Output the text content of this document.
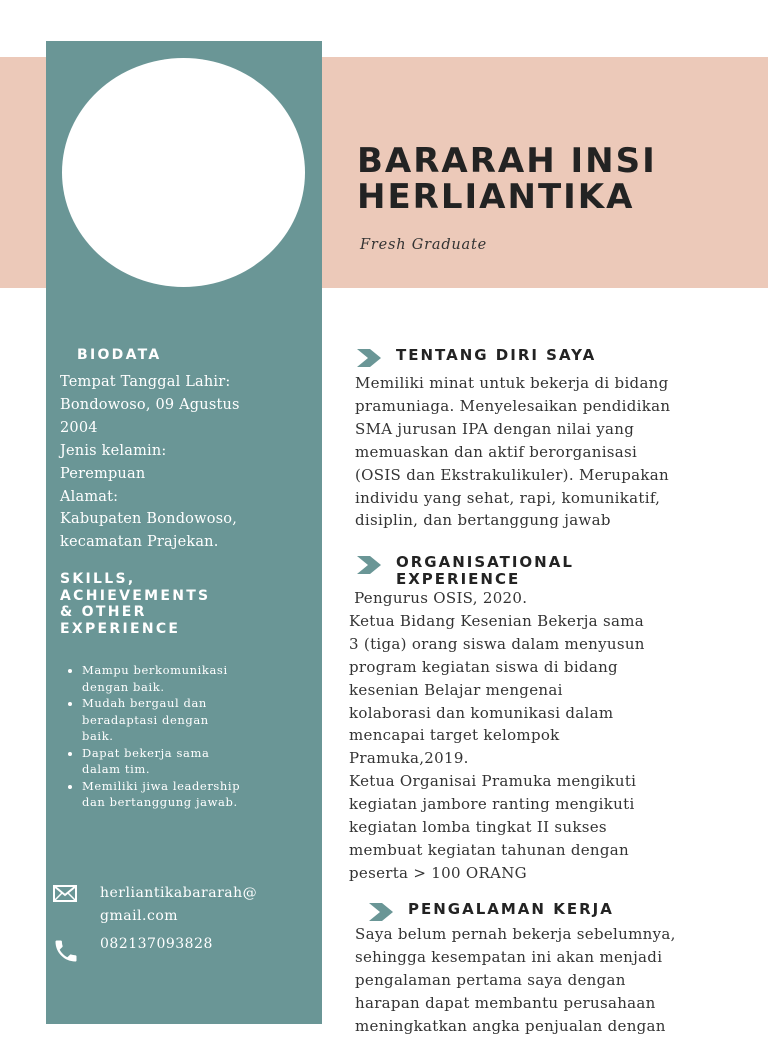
BARARAH INSI
HERLIANTIKA
Fresh Graduate
BIODATA
Tempat Tanggal Lahir:
Bondowoso, 09 Agustus
2004
Jenis kelamin:
Perempuan
Alamat:
Kabupaten Bondowoso,
kecamatan Prajekan.
SKILLS,
ACHIEVEMENTS
& OTHER
EXPERIENCE
• Mampu berkomunikasi
dengan baik.
• Mudah bergaul dan
beradaptasi dengan
baik.
• Dapat bekerja sama
dalam tim.
• Memiliki jiwa leadership
dan bertanggung jawab.
herliantikabararah@
gmail.com
082137093828
TENTANG DIRI SAYA
Memiliki minat untuk bekerja di bidang
pramuniaga. Menyelesaikan pendidikan
SMA jurusan IPA dengan nilai yang
memuaskan dan aktif berorganisasi
(OSIS dan Ekstrakulikuler). Merupakan
individu yang sehat, rapi, komunikatif,
disiplin, dan bertanggung jawab
ORGANISATIONAL
EXPERIENCE
Pengurus OSIS, 2020.
Ketua Bidang Kesenian Bekerja sama
3 (tiga) orang siswa dalam menyusun
program kegiatan siswa di bidang
kesenian Belajar mengenai
kolaborasi dan komunikasi dalam
mencapai target kelompok
Pramuka,2019.
Ketua Organisai Pramuka mengikuti
kegiatan jambore ranting mengikuti
kegiatan lomba tingkat II sukses
membuat kegiatan tahunan dengan
peserta > 100 ORANG
PENGALAMAN KERJA
Saya belum pernah bekerja sebelumnya,
sehingga kesempatan ini akan menjadi
pengalaman pertama saya dengan
harapan dapat membantu perusahaan
meningkatkan angka penjualan dengan
